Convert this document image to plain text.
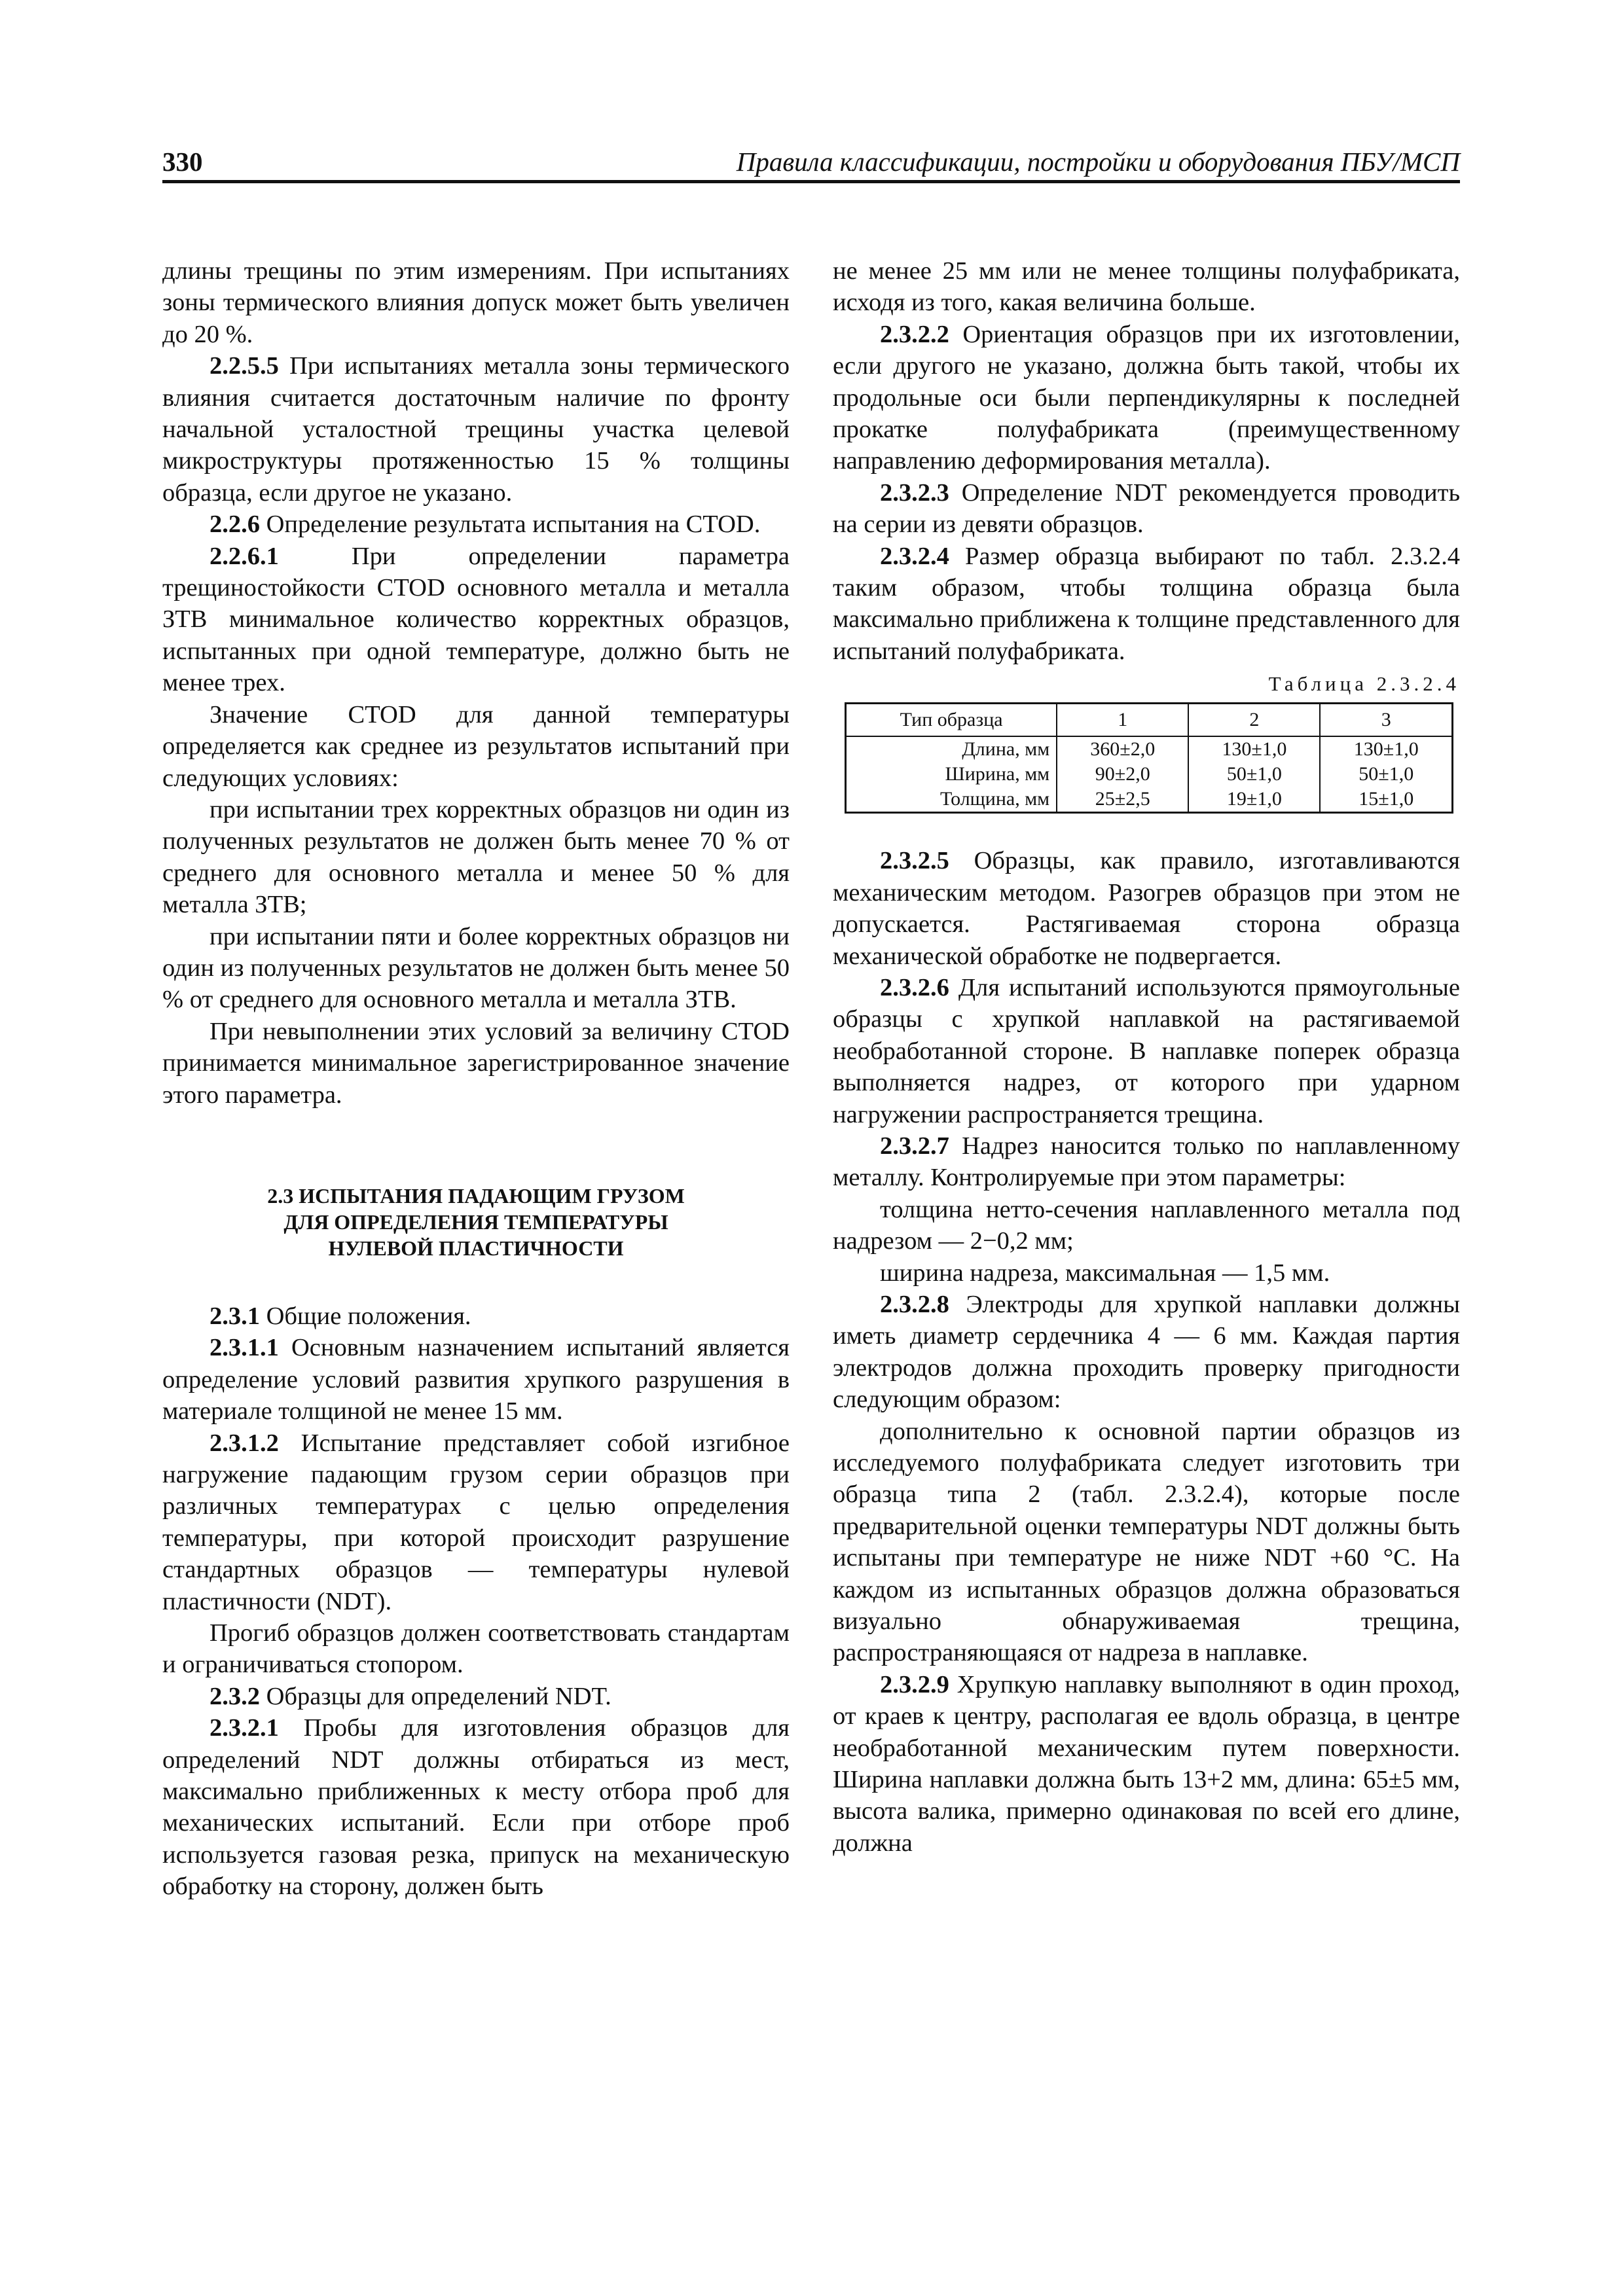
330	Правила классификации, постройки и оборудования ПБУ/МСП

длины трещины по этим измерениям. При испытаниях зоны термического влияния допуск может быть увеличен до 20 %.

2.2.5.5 При испытаниях металла зоны термического влияния считается достаточным наличие по фронту начальной усталостной трещины участка целевой микроструктуры протяженностью 15 % толщины образца, если другое не указано.

2.2.6 Определение результата испытания на CTOD.

2.2.6.1 При определении параметра трещиностойкости CTOD основного металла и металла ЗТВ минимальное количество корректных образцов, испытанных при одной температуре, должно быть не менее трех.

Значение CTOD для данной температуры определяется как среднее из результатов испытаний при следующих условиях:

при испытании трех корректных образцов ни один из полученных результатов не должен быть менее 70 % от среднего для основного металла и менее 50 % для металла ЗТВ;

при испытании пяти и более корректных образцов ни один из полученных результатов не должен быть менее 50 % от среднего для основного металла и металла ЗТВ.

При невыполнении этих условий за величину CTOD принимается минимальное зарегистрированное значение этого параметра.

2.3 ИСПЫТАНИЯ ПАДАЮЩИМ ГРУЗОМ

ДЛЯ ОПРЕДЕЛЕНИЯ ТЕМПЕРАТУРЫ

НУЛЕВОЙ ПЛАСТИЧНОСТИ

2.3.1 Общие положения.

2.3.1.1 Основным назначением испытаний является определение условий развития хрупкого разрушения в материале толщиной не менее 15 мм.

2.3.1.2 Испытание представляет собой изгибное нагружение падающим грузом серии образцов при различных температурах с целью определения температуры, при которой происходит разрушение стандартных образцов — температуры нулевой пластичности (NDT).

Прогиб образцов должен соответствовать стандартам и ограничиваться стопором.

2.3.2 Образцы для определений NDT.

2.3.2.1 Пробы для изготовления образцов для определений NDT должны отбираться из мест, максимально приближенных к месту отбора проб для механических испытаний. Если при отборе проб используется газовая резка, припуск на механическую обработку на сторону, должен быть

не менее 25 мм или не менее толщины полуфабриката, исходя из того, какая величина больше.

2.3.2.2 Ориентация образцов при их изготовлении, если другого не указано, должна быть такой, чтобы их продольные оси были перпендикулярны к последней прокатке полуфабриката (преимущественному направлению деформирования металла).

2.3.2.3 Определение NDT рекомендуется проводить на серии из девяти образцов.

2.3.2.4 Размер образца выбирают по табл. 2.3.2.4 таким образом, чтобы толщина образца была максимально приближена к толщине представленного для испытаний полуфабриката.

Таблица 2.3.2.4

Тип образца	1	2	3
Длина, мм	360±2,0	130±1,0	130±1,0
Ширина, мм	90±2,0	50±1,0	50±1,0
Толщина, мм	25±2,5	19±1,0	15±1,0

2.3.2.5 Образцы, как правило, изготавливаются механическим методом. Разогрев образцов при этом не допускается. Растягиваемая сторона образца механической обработке не подвергается.

2.3.2.6 Для испытаний используются прямоугольные образцы с хрупкой наплавкой на растягиваемой необработанной стороне. В наплавке поперек образца выполняется надрез, от которого при ударном нагружении распространяется трещина.

2.3.2.7 Надрез наносится только по наплавленному металлу. Контролируемые при этом параметры:

толщина нетто-сечения наплавленного металла под надрезом — 2−0,2 мм;

ширина надреза, максимальная — 1,5 мм.

2.3.2.8 Электроды для хрупкой наплавки должны иметь диаметр сердечника 4 — 6 мм. Каждая партия электродов должна проходить проверку пригодности следующим образом:

дополнительно к основной партии образцов из исследуемого полуфабриката следует изготовить три образца типа 2 (табл. 2.3.2.4), которые после предварительной оценки температуры NDT должны быть испытаны при температуре не ниже NDT +60 °C. На каждом из испытанных образцов должна образоваться визуально обнаруживаемая трещина, распространяющаяся от надреза в наплавке.

2.3.2.9 Хрупкую наплавку выполняют в один проход, от краев к центру, располагая ее вдоль образца, в центре необработанной механическим путем поверхности. Ширина наплавки должна быть 13+2 мм, длина: 65±5 мм, высота валика, примерно одинаковая по всей его длине, должна
